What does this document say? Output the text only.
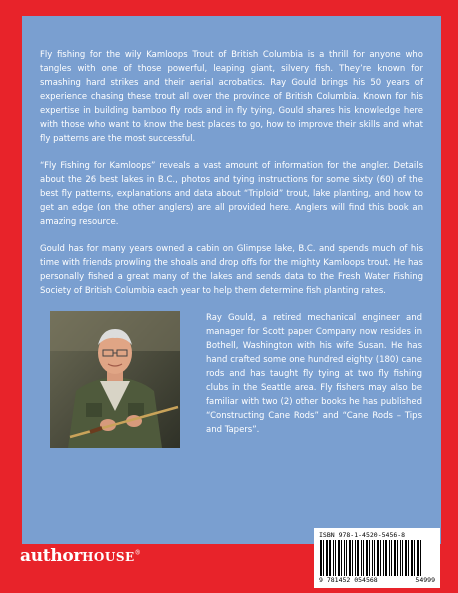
Fly fishing for the wily Kamloops Trout of British Columbia is a thrill for anyone who tangles with one of those powerful, leaping giant, silvery fish. They’re known for smashing hard strikes and their aerial acrobatics. Ray Gould brings his 50 years of experience chasing these trout all over the province of British Columbia. Known for his expertise in building bamboo fly rods and in fly tying, Gould shares his knowledge here with those who want to know the best places to go, how to improve their skills and what fly patterns are the most successful.

“Fly Fishing for Kamloops” reveals a vast amount of information for the angler. Details about the 26 best lakes in B.C., photos and tying instructions for some sixty (60) of the best fly patterns, explanations and data about “Triploid” trout, lake planting, and how to get an edge (on the other anglers) are all provided here. Anglers will find this book an amazing resource.

Gould has for many years owned a cabin on Glimpse lake, B.C. and spends much of his time with friends prowling the shoals and drop offs for the mighty Kamloops trout. He has personally fished a great many of the lakes and sends data to the Fresh Water Fishing Society of British Columbia each year to help them determine fish planting rates.

Ray Gould, a retired mechanical engineer and manager for Scott paper Company now resides in Bothell, Washington with his wife Susan. He has hand crafted some one hundred eighty (180) cane rods and has taught fly tying at two fly fishing clubs in the Seattle area. Fly fishers may also be familiar with two (2) other books he has published “Constructing Cane Rods” and “Cane Rods – Tips and Tapers”.

ISBN 978-1-4520-5456-8
9 781452 054568	54999
authorHOUSE®
